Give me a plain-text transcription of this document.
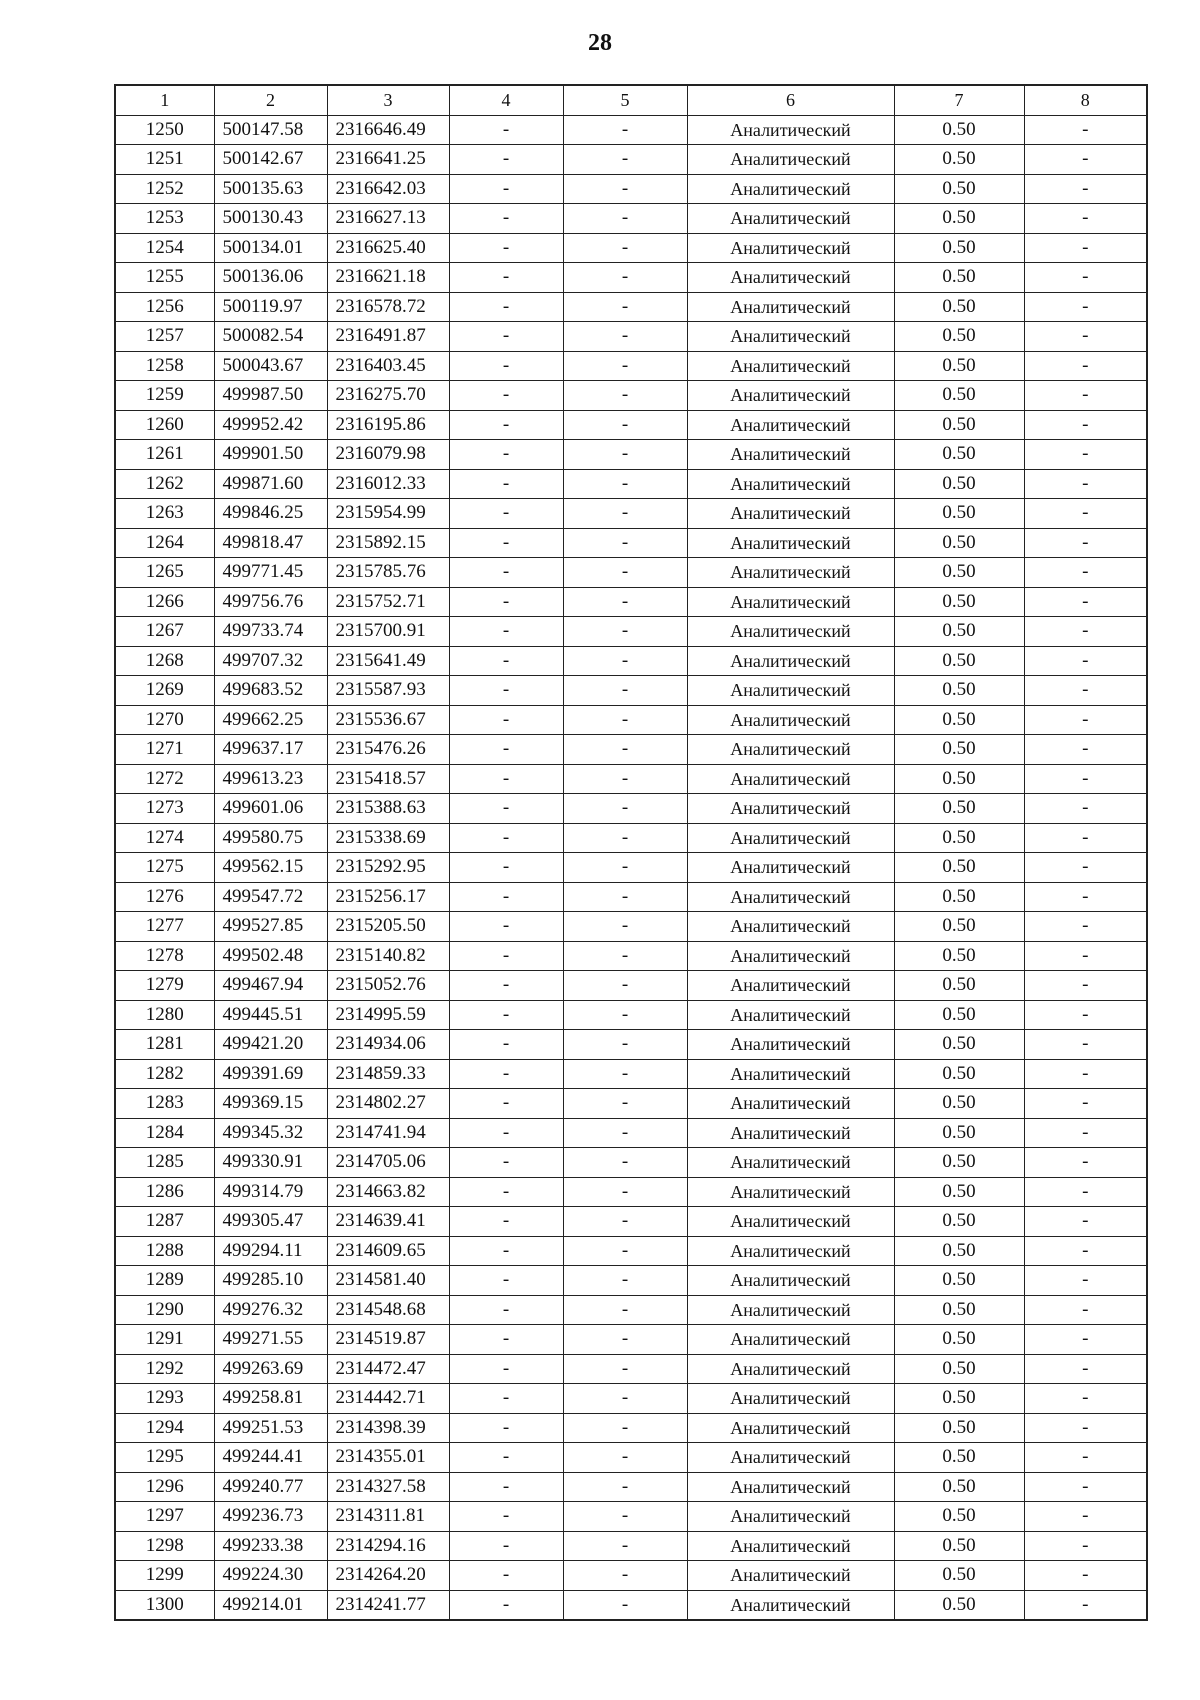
28
1	2	3	4	5	6	7	8
1250	500147.58	2316646.49	-	-	Аналитический	0.50	-
1251	500142.67	2316641.25	-	-	Аналитический	0.50	-
1252	500135.63	2316642.03	-	-	Аналитический	0.50	-
1253	500130.43	2316627.13	-	-	Аналитический	0.50	-
1254	500134.01	2316625.40	-	-	Аналитический	0.50	-
1255	500136.06	2316621.18	-	-	Аналитический	0.50	-
1256	500119.97	2316578.72	-	-	Аналитический	0.50	-
1257	500082.54	2316491.87	-	-	Аналитический	0.50	-
1258	500043.67	2316403.45	-	-	Аналитический	0.50	-
1259	499987.50	2316275.70	-	-	Аналитический	0.50	-
1260	499952.42	2316195.86	-	-	Аналитический	0.50	-
1261	499901.50	2316079.98	-	-	Аналитический	0.50	-
1262	499871.60	2316012.33	-	-	Аналитический	0.50	-
1263	499846.25	2315954.99	-	-	Аналитический	0.50	-
1264	499818.47	2315892.15	-	-	Аналитический	0.50	-
1265	499771.45	2315785.76	-	-	Аналитический	0.50	-
1266	499756.76	2315752.71	-	-	Аналитический	0.50	-
1267	499733.74	2315700.91	-	-	Аналитический	0.50	-
1268	499707.32	2315641.49	-	-	Аналитический	0.50	-
1269	499683.52	2315587.93	-	-	Аналитический	0.50	-
1270	499662.25	2315536.67	-	-	Аналитический	0.50	-
1271	499637.17	2315476.26	-	-	Аналитический	0.50	-
1272	499613.23	2315418.57	-	-	Аналитический	0.50	-
1273	499601.06	2315388.63	-	-	Аналитический	0.50	-
1274	499580.75	2315338.69	-	-	Аналитический	0.50	-
1275	499562.15	2315292.95	-	-	Аналитический	0.50	-
1276	499547.72	2315256.17	-	-	Аналитический	0.50	-
1277	499527.85	2315205.50	-	-	Аналитический	0.50	-
1278	499502.48	2315140.82	-	-	Аналитический	0.50	-
1279	499467.94	2315052.76	-	-	Аналитический	0.50	-
1280	499445.51	2314995.59	-	-	Аналитический	0.50	-
1281	499421.20	2314934.06	-	-	Аналитический	0.50	-
1282	499391.69	2314859.33	-	-	Аналитический	0.50	-
1283	499369.15	2314802.27	-	-	Аналитический	0.50	-
1284	499345.32	2314741.94	-	-	Аналитический	0.50	-
1285	499330.91	2314705.06	-	-	Аналитический	0.50	-
1286	499314.79	2314663.82	-	-	Аналитический	0.50	-
1287	499305.47	2314639.41	-	-	Аналитический	0.50	-
1288	499294.11	2314609.65	-	-	Аналитический	0.50	-
1289	499285.10	2314581.40	-	-	Аналитический	0.50	-
1290	499276.32	2314548.68	-	-	Аналитический	0.50	-
1291	499271.55	2314519.87	-	-	Аналитический	0.50	-
1292	499263.69	2314472.47	-	-	Аналитический	0.50	-
1293	499258.81	2314442.71	-	-	Аналитический	0.50	-
1294	499251.53	2314398.39	-	-	Аналитический	0.50	-
1295	499244.41	2314355.01	-	-	Аналитический	0.50	-
1296	499240.77	2314327.58	-	-	Аналитический	0.50	-
1297	499236.73	2314311.81	-	-	Аналитический	0.50	-
1298	499233.38	2314294.16	-	-	Аналитический	0.50	-
1299	499224.30	2314264.20	-	-	Аналитический	0.50	-
1300	499214.01	2314241.77	-	-	Аналитический	0.50	-
